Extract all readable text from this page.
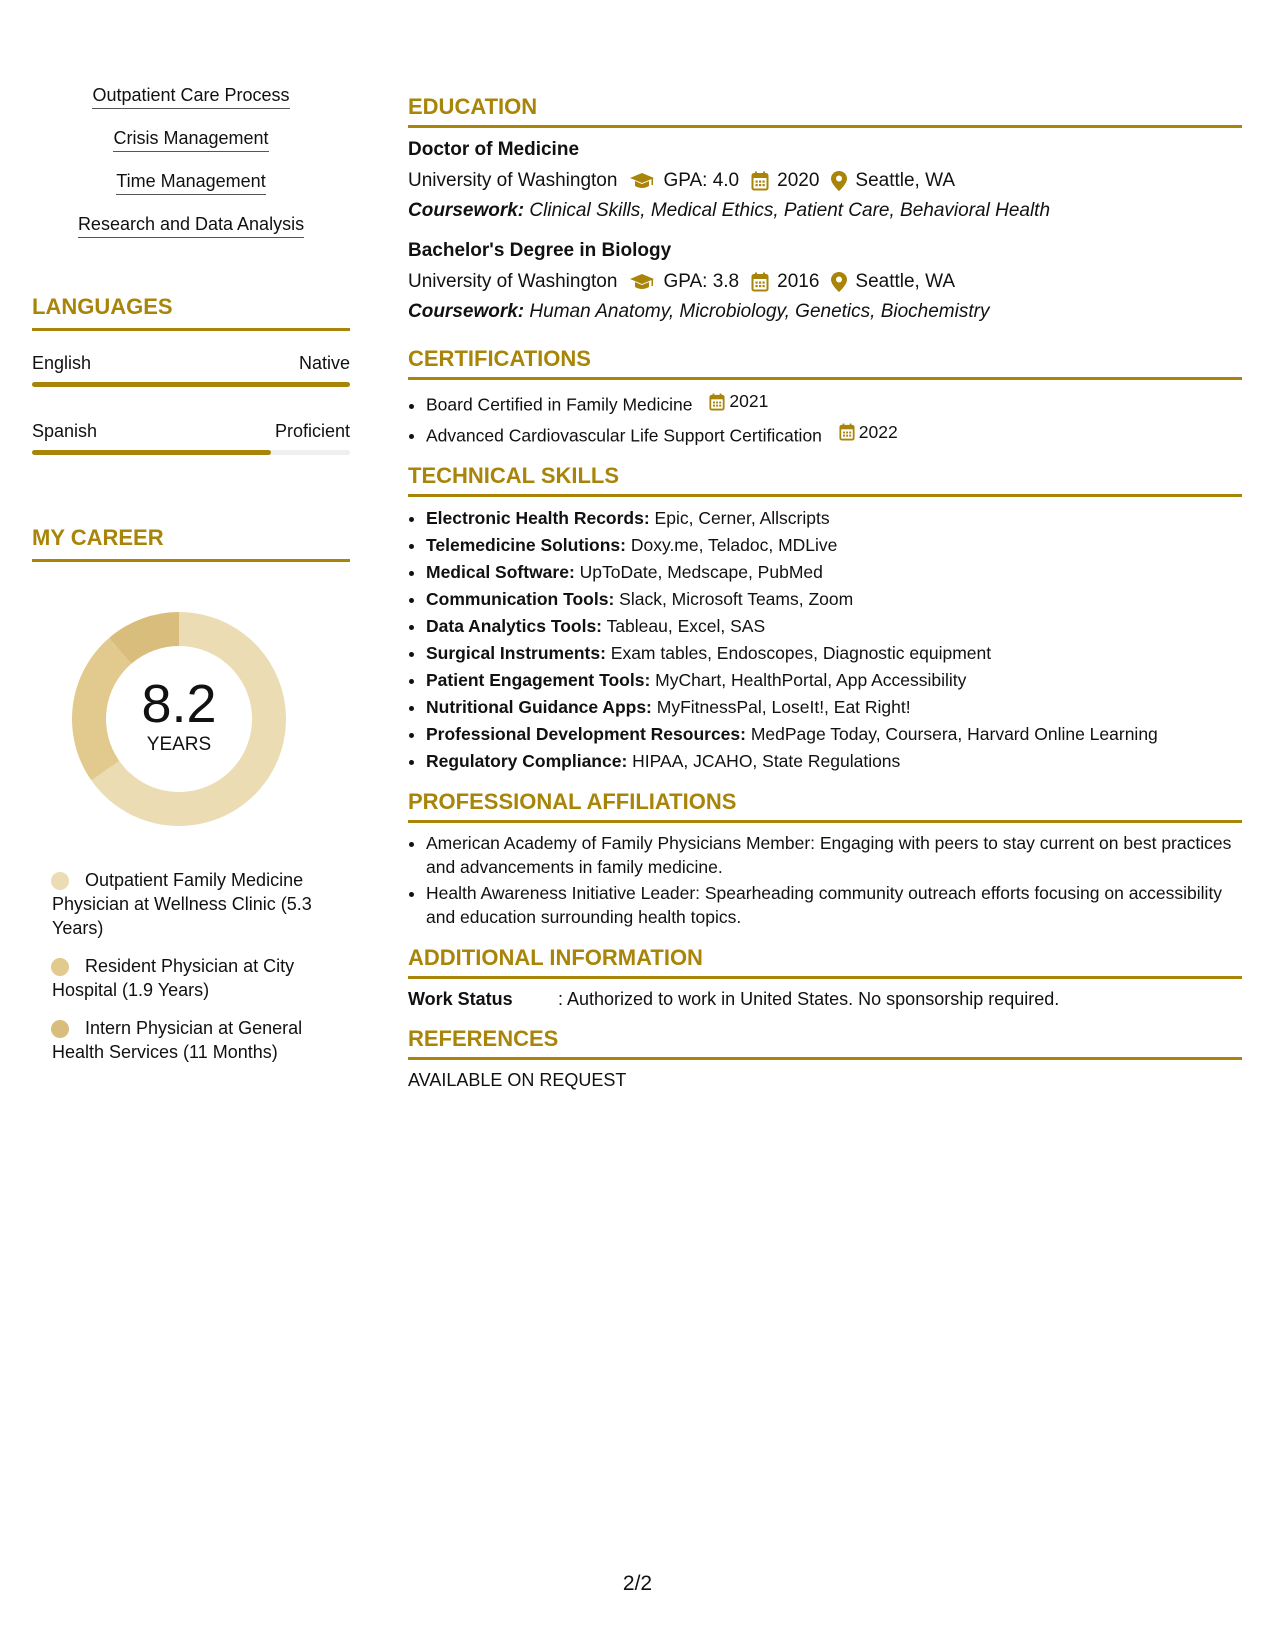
Outpatient Care Process
Crisis Management
Time Management
Research and Data Analysis
LANGUAGES
English	Native
Spanish	Proficient
MY CAREER
8.2
YEARS
Outpatient Family Medicine Physician at Wellness Clinic (5.3 Years)
Resident Physician at City Hospital (1.9 Years)
Intern Physician at General Health Services (11 Months)
EDUCATION
Doctor of Medicine
University of Washington GPA: 4.0 2020 Seattle, WA
Coursework: Clinical Skills, Medical Ethics, Patient Care, Behavioral Health
Bachelor's Degree in Biology
University of Washington GPA: 3.8 2016 Seattle, WA
Coursework: Human Anatomy, Microbiology, Genetics, Biochemistry
CERTIFICATIONS
• Board Certified in Family Medicine 2021
• Advanced Cardiovascular Life Support Certification 2022
TECHNICAL SKILLS
• Electronic Health Records: Epic, Cerner, Allscripts
• Telemedicine Solutions: Doxy.me, Teladoc, MDLive
• Medical Software: UpToDate, Medscape, PubMed
• Communication Tools: Slack, Microsoft Teams, Zoom
• Data Analytics Tools: Tableau, Excel, SAS
• Surgical Instruments: Exam tables, Endoscopes, Diagnostic equipment
• Patient Engagement Tools: MyChart, HealthPortal, App Accessibility
• Nutritional Guidance Apps: MyFitnessPal, LoseIt!, Eat Right!
• Professional Development Resources: MedPage Today, Coursera, Harvard Online Learning
• Regulatory Compliance: HIPAA, JCAHO, State Regulations
PROFESSIONAL AFFILIATIONS
• American Academy of Family Physicians Member: Engaging with peers to stay current on best practices and advancements in family medicine.
• Health Awareness Initiative Leader: Spearheading community outreach efforts focusing on accessibility and education surrounding health topics.
ADDITIONAL INFORMATION
Work Status	: Authorized to work in United States. No sponsorship required.
REFERENCES
AVAILABLE ON REQUEST
2/2
